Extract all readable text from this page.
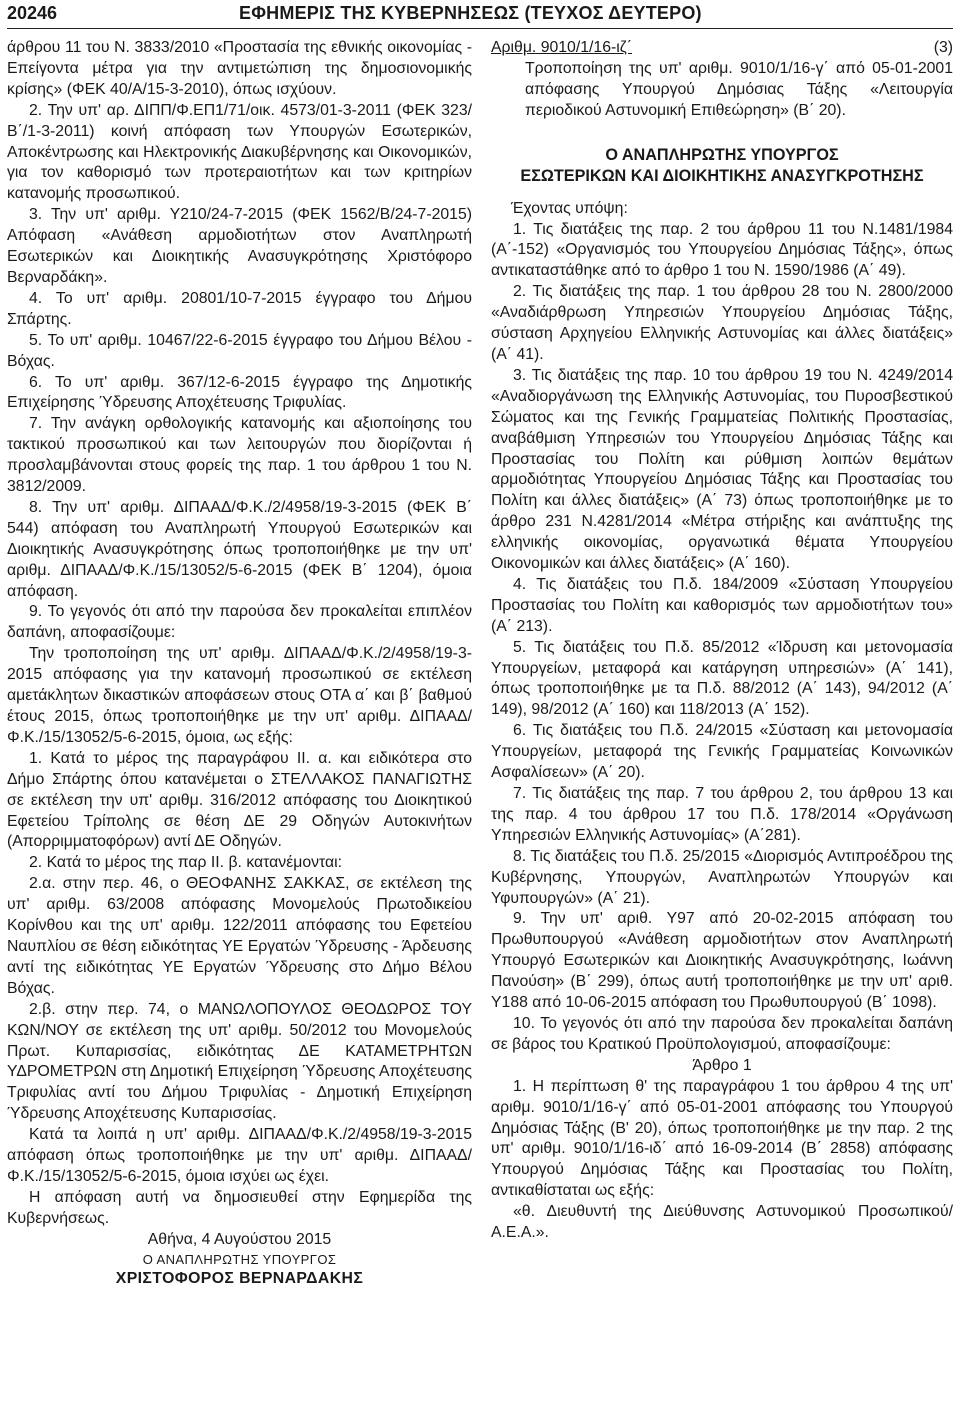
20246	ΕΦΗΜΕΡΙΣ ΤΗΣ ΚΥΒΕΡΝΗΣΕΩΣ (ΤΕΥΧΟΣ ΔΕΥΤΕΡΟ)

άρθρου 11 του Ν. 3833/2010 «Προστασία της εθνικής οικονομίας - Επείγοντα μέτρα για την αντιμετώπιση της δημοσιονομικής κρίσης» (ΦΕΚ 40/Α/15-3-2010), όπως ισχύουν.

2. Την υπ' αρ. ΔΙΠΠ/Φ.ΕΠ1/71/οικ. 4573/01-3-2011 (ΦΕΚ 323/Β΄/1-3-2011) κοινή απόφαση των Υπουργών Εσωτερικών, Αποκέντρωσης και Ηλεκτρονικής Διακυβέρνησης και Οικονομικών, για τον καθορισμό των προτεραιοτήτων και των κριτηρίων κατανομής προσωπικού.

3. Την υπ' αριθμ. Υ210/24-7-2015 (ΦΕΚ 1562/Β/24-7-2015) Απόφαση «Ανάθεση αρμοδιοτήτων στον Αναπληρωτή Εσωτερικών και Διοικητικής Ανασυγκρότησης Χριστόφορο Βερναρδάκη».

4. Το υπ' αριθμ. 20801/10-7-2015 έγγραφο του Δήμου Σπάρτης.

5. Το υπ' αριθμ. 10467/22-6-2015 έγγραφο του Δήμου Βέλου - Βόχας.

6. Το υπ' αριθμ. 367/12-6-2015 έγγραφο της Δημοτικής Επιχείρησης Ύδρευσης Αποχέτευσης Τριφυλίας.

7. Την ανάγκη ορθολογικής κατανομής και αξιοποίησης του τακτικού προσωπικού και των λειτουργών που διορίζονται ή προσλαμβάνονται στους φορείς της παρ. 1 του άρθρου 1 του Ν. 3812/2009.

8. Την υπ' αριθμ. ΔΙΠΑΑΔ/Φ.Κ./2/4958/19-3-2015 (ΦΕΚ Β΄ 544) απόφαση του Αναπληρωτή Υπουργού Εσωτερικών και Διοικητικής Ανασυγκρότησης όπως τροποποιήθηκε με την υπ' αριθμ. ΔΙΠΑΑΔ/Φ.Κ./15/13052/5-6-2015 (ΦΕΚ Β΄ 1204), όμοια απόφαση.

9. Το γεγονός ότι από την παρούσα δεν προκαλείται επιπλέον δαπάνη, αποφασίζουμε:

Την τροποποίηση της υπ' αριθμ. ΔΙΠΑΑΔ/Φ.Κ./2/4958/19-3-2015 απόφασης για την κατανομή προσωπικού σε εκτέλεση αμετάκλητων δικαστικών αποφάσεων στους ΟΤΑ α΄ και β΄ βαθμού έτους 2015, όπως τροποποιήθηκε με την υπ' αριθμ. ΔΙΠΑΑΔ/Φ.Κ./15/13052/5-6-2015, όμοια, ως εξής:

1. Κατά το μέρος της παραγράφου ΙΙ. α. και ειδικότερα στο Δήμο Σπάρτης όπου κατανέμεται ο ΣΤΕΛΛΑΚΟΣ ΠΑΝΑΓΙΩΤΗΣ σε εκτέλεση την υπ' αριθμ. 316/2012 απόφασης του Διοικητικού Εφετείου Τρίπολης σε θέση ΔΕ 29 Οδηγών Αυτοκινήτων (Απορριμματοφόρων) αντί ΔΕ Οδηγών.

2. Κατά το μέρος της παρ ΙΙ. β. κατανέμονται:

2.α. στην περ. 46, ο ΘΕΟΦΑΝΗΣ ΣΑΚΚΑΣ, σε εκτέλεση της υπ' αριθμ. 63/2008 απόφασης Μονομελούς Πρωτοδικείου Κορίνθου και της υπ' αριθμ. 122/2011 απόφασης του Εφετείου Ναυπλίου σε θέση ειδικότητας ΥΕ Εργατών Ύδρευσης - Άρδευσης αντί της ειδικότητας ΥΕ Εργατών Ύδρευσης στο Δήμο Βέλου Βόχας.

2.β. στην περ. 74, ο ΜΑΝΩΛΟΠΟΥΛΟΣ ΘΕΟΔΩΡΟΣ ΤΟΥ ΚΩΝ/ΝΟΥ σε εκτέλεση της υπ' αριθμ. 50/2012 του Μονομελούς Πρωτ. Κυπαρισσίας, ειδικότητας ΔΕ ΚΑΤΑΜΕΤΡΗΤΩΝ ΥΔΡΟΜΕΤΡΩΝ στη Δημοτική Επιχείρηση Ύδρευσης Αποχέτευσης Τριφυλίας αντί του Δήμου Τριφυλίας - Δημοτική Επιχείρηση Ύδρευσης Αποχέτευσης Κυπαρισσίας.

Κατά τα λοιπά η υπ' αριθμ. ΔΙΠΑΑΔ/Φ.Κ./2/4958/19-3-2015 απόφαση όπως τροποποιήθηκε με την υπ' αριθμ. ΔΙΠΑΑΔ/Φ.Κ./15/13052/5-6-2015, όμοια ισχύει ως έχει.

Η απόφαση αυτή να δημοσιευθεί στην Εφημερίδα της Κυβερνήσεως.

Αθήνα, 4 Αυγούστου 2015

Ο ΑΝΑΠΛΗΡΩΤΗΣ ΥΠΟΥΡΓΟΣ

ΧΡΙΣΤΟΦΟΡΟΣ ΒΕΡΝΑΡΔΑΚΗΣ

Αριθμ. 9010/1/16-ιζ΄	(3)

Τροποποίηση της υπ' αριθμ. 9010/1/16-γ΄ από 05-01-2001 απόφασης Υπουργού Δημόσιας Τάξης «Λειτουργία περιοδικού Αστυνομική Επιθεώρηση» (Β΄ 20).

Ο ΑΝΑΠΛΗΡΩΤΗΣ ΥΠΟΥΡΓΟΣ

ΕΣΩΤΕΡΙΚΩΝ ΚΑΙ ΔΙΟΙΚΗΤΙΚΗΣ ΑΝΑΣΥΓΚΡΟΤΗΣΗΣ

Έχοντας υπόψη:

1. Τις διατάξεις της παρ. 2 του άρθρου 11 του Ν.1481/1984 (Α΄-152) «Οργανισμός του Υπουργείου Δημόσιας Τάξης», όπως αντικαταστάθηκε από το άρθρο 1 του Ν. 1590/1986 (Α΄ 49).

2. Τις διατάξεις της παρ. 1 του άρθρου 28 του Ν. 2800/2000 «Αναδιάρθρωση Υπηρεσιών Υπουργείου Δημόσιας Τάξης, σύσταση Αρχηγείου Ελληνικής Αστυνομίας και άλλες διατάξεις» (Α΄ 41).

3. Τις διατάξεις της παρ. 10 του άρθρου 19 του Ν. 4249/2014 «Αναδιοργάνωση της Ελληνικής Αστυνομίας, του Πυροσβεστικού Σώματος και της Γενικής Γραμματείας Πολιτικής Προστασίας, αναβάθμιση Υπηρεσιών του Υπουργείου Δημόσιας Τάξης και Προστασίας του Πολίτη και ρύθμιση λοιπών θεμάτων αρμοδιότητας Υπουργείου Δημόσιας Τάξης και Προστασίας του Πολίτη και άλλες διατάξεις» (Α΄ 73) όπως τροποποιήθηκε με το άρθρο 231 Ν.4281/2014 «Μέτρα στήριξης και ανάπτυξης της ελληνικής οικονομίας, οργανωτικά θέματα Υπουργείου Οικονομικών και άλλες διατάξεις» (Α΄ 160).

4. Τις διατάξεις του Π.δ. 184/2009 «Σύσταση Υπουργείου Προστασίας του Πολίτη και καθορισμός των αρμοδιοτήτων του» (Α΄ 213).

5. Τις διατάξεις του Π.δ. 85/2012 «Ίδρυση και μετονομασία Υπουργείων, μεταφορά και κατάργηση υπηρεσιών» (Α΄ 141), όπως τροποποιήθηκε με τα Π.δ. 88/2012 (Α΄ 143), 94/2012 (Α΄ 149), 98/2012 (Α΄ 160) και 118/2013 (Α΄ 152).

6. Τις διατάξεις του Π.δ. 24/2015 «Σύσταση και μετονομασία Υπουργείων, μεταφορά της Γενικής Γραμματείας Κοινωνικών Ασφαλίσεων» (Α΄ 20).

7. Τις διατάξεις της παρ. 7 του άρθρου 2, του άρθρου 13 και της παρ. 4 του άρθρου 17 του Π.δ. 178/2014 «Οργάνωση Υπηρεσιών Ελληνικής Αστυνομίας» (Α΄281).

8. Τις διατάξεις του Π.δ. 25/2015 «Διορισμός Αντιπροέδρου της Κυβέρνησης, Υπουργών, Αναπληρωτών Υπουργών και Υφυπουργών» (Α΄ 21).

9. Την υπ' αριθ. Υ97 από 20-02-2015 απόφαση του Πρωθυπουργού «Ανάθεση αρμοδιοτήτων στον Αναπληρωτή Υπουργό Εσωτερικών και Διοικητικής Ανασυγκρότησης, Ιωάννη Πανούση» (Β΄ 299), όπως αυτή τροποποιήθηκε με την υπ' αριθ. Υ188 από 10-06-2015 απόφαση του Πρωθυπουργού (Β΄ 1098).

10. Το γεγονός ότι από την παρούσα δεν προκαλείται δαπάνη σε βάρος του Κρατικού Προϋπολογισμού, αποφασίζουμε:

Άρθρο 1

1. Η περίπτωση θ' της παραγράφου 1 του άρθρου 4 της υπ' αριθμ. 9010/1/16-γ΄ από 05-01-2001 απόφασης του Υπουργού Δημόσιας Τάξης (Β' 20), όπως τροποποιήθηκε με την παρ. 2 της υπ' αριθμ. 9010/1/16-ιδ΄ από 16-09-2014 (Β΄ 2858) απόφασης Υπουργού Δημόσιας Τάξης και Προστασίας του Πολίτη, αντικαθίσταται ως εξής:

«θ. Διευθυντή της Διεύθυνσης Αστυνομικού Προσωπικού/ Α.Ε.Α.».
